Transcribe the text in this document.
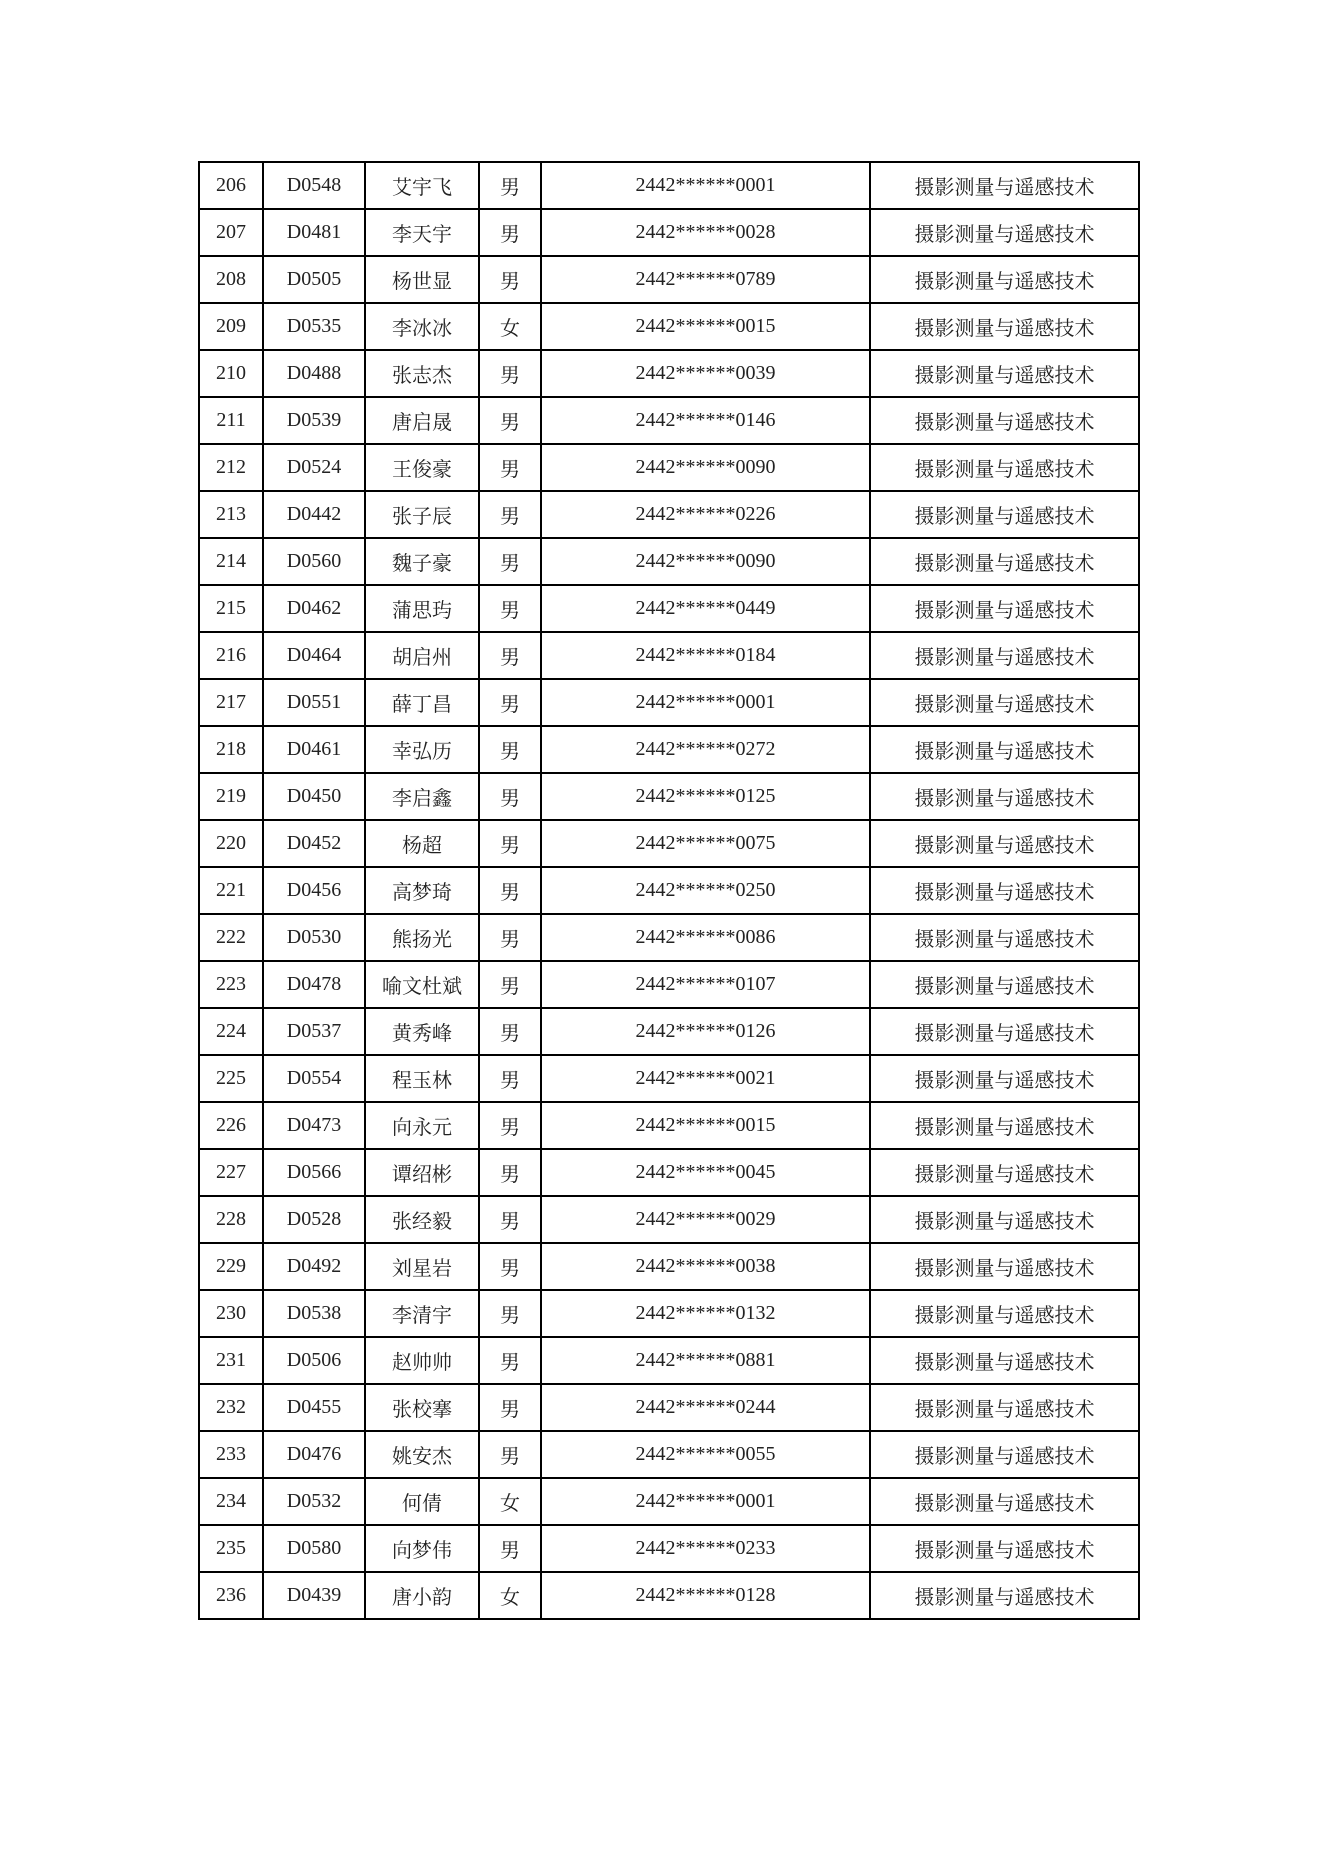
206	D0548	艾宇飞	男	2442******0001	摄影测量与遥感技术
207	D0481	李天宇	男	2442******0028	摄影测量与遥感技术
208	D0505	杨世显	男	2442******0789	摄影测量与遥感技术
209	D0535	李冰冰	女	2442******0015	摄影测量与遥感技术
210	D0488	张志杰	男	2442******0039	摄影测量与遥感技术
211	D0539	唐启晟	男	2442******0146	摄影测量与遥感技术
212	D0524	王俊豪	男	2442******0090	摄影测量与遥感技术
213	D0442	张子辰	男	2442******0226	摄影测量与遥感技术
214	D0560	魏子豪	男	2442******0090	摄影测量与遥感技术
215	D0462	蒲思玙	男	2442******0449	摄影测量与遥感技术
216	D0464	胡启州	男	2442******0184	摄影测量与遥感技术
217	D0551	薛丁昌	男	2442******0001	摄影测量与遥感技术
218	D0461	幸弘历	男	2442******0272	摄影测量与遥感技术
219	D0450	李启鑫	男	2442******0125	摄影测量与遥感技术
220	D0452	杨超	男	2442******0075	摄影测量与遥感技术
221	D0456	高梦琦	男	2442******0250	摄影测量与遥感技术
222	D0530	熊扬光	男	2442******0086	摄影测量与遥感技术
223	D0478	喻文杜斌	男	2442******0107	摄影测量与遥感技术
224	D0537	黄秀峰	男	2442******0126	摄影测量与遥感技术
225	D0554	程玉林	男	2442******0021	摄影测量与遥感技术
226	D0473	向永元	男	2442******0015	摄影测量与遥感技术
227	D0566	谭绍彬	男	2442******0045	摄影测量与遥感技术
228	D0528	张经毅	男	2442******0029	摄影测量与遥感技术
229	D0492	刘星岩	男	2442******0038	摄影测量与遥感技术
230	D0538	李清宇	男	2442******0132	摄影测量与遥感技术
231	D0506	赵帅帅	男	2442******0881	摄影测量与遥感技术
232	D0455	张校搴	男	2442******0244	摄影测量与遥感技术
233	D0476	姚安杰	男	2442******0055	摄影测量与遥感技术
234	D0532	何倩	女	2442******0001	摄影测量与遥感技术
235	D0580	向梦伟	男	2442******0233	摄影测量与遥感技术
236	D0439	唐小韵	女	2442******0128	摄影测量与遥感技术
